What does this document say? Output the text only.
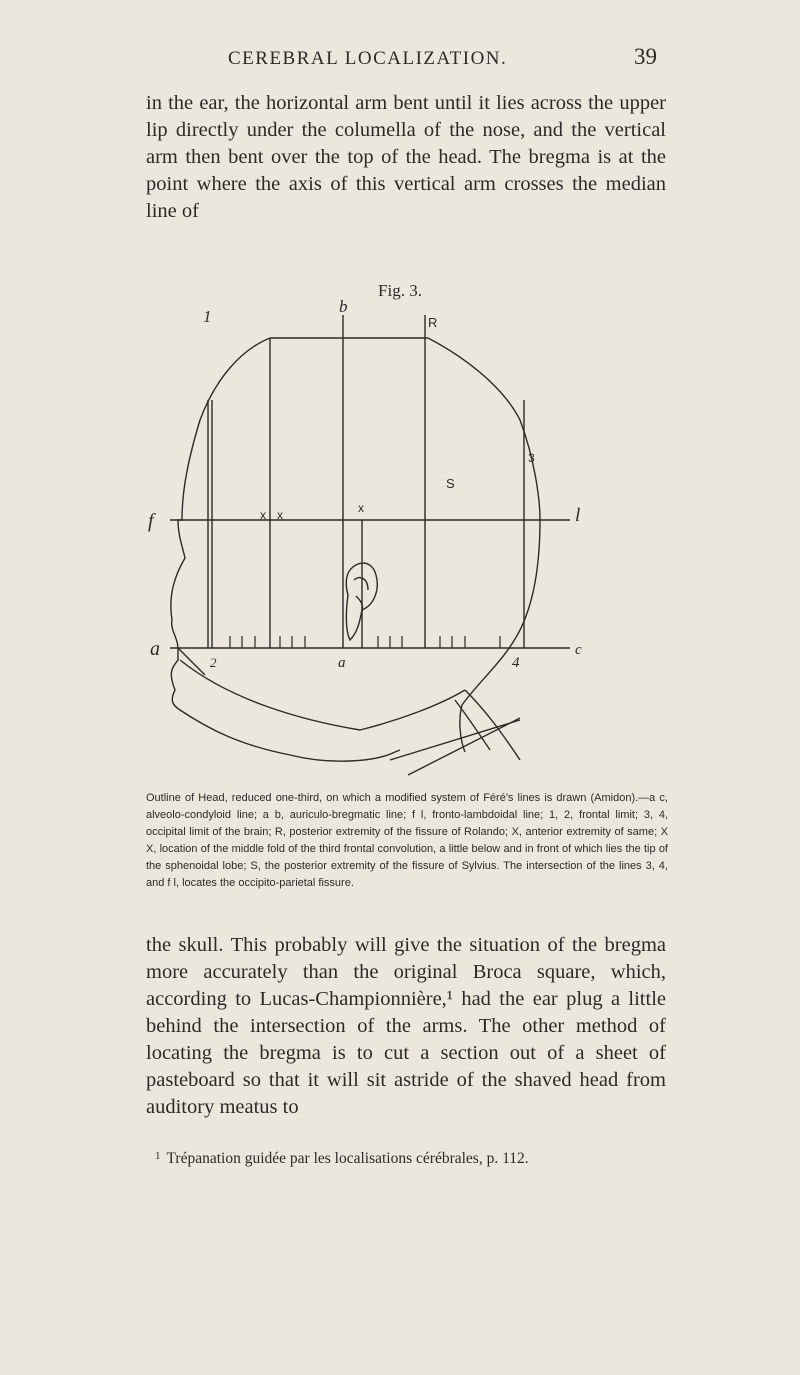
CEREBRAL LOCALIZATION.	39

in the ear, the horizontal arm bent until it lies across the upper lip directly under the columella of the nose, and the vertical arm then bent over the top of the head. The bregma is at the point where the axis of this vertical arm crosses the median line of

Fig. 3.
1
b
R
3
S
f	l
x x	x
a	c
2	a	4

Outline of Head, reduced one-third, on which a modified system of Féré's lines is drawn (Amidon).—a c, alveolo-condyloid line; a b, auriculo-bregmatic line; f l, fronto-lambdoidal line; 1, 2, frontal limit; 3, 4, occipital limit of the brain; R, posterior extremity of the fissure of Rolando; X, anterior extremity of same; X X, location of the middle fold of the third frontal convolution, a little below and in front of which lies the tip of the sphenoidal lobe; S, the posterior extremity of the fissure of Sylvius. The intersection of the lines 3, 4, and f l, locates the occipito-parietal fissure.

the skull. This probably will give the situation of the bregma more accurately than the original Broca square, which, according to Lucas-Championnière,¹ had the ear plug a little behind the intersection of the arms. The other method of locating the bregma is to cut a section out of a sheet of pasteboard so that it will sit astride of the shaved head from auditory meatus to

$^1$ Trépanation guidée par les localisations cérébrales, p. 112.
